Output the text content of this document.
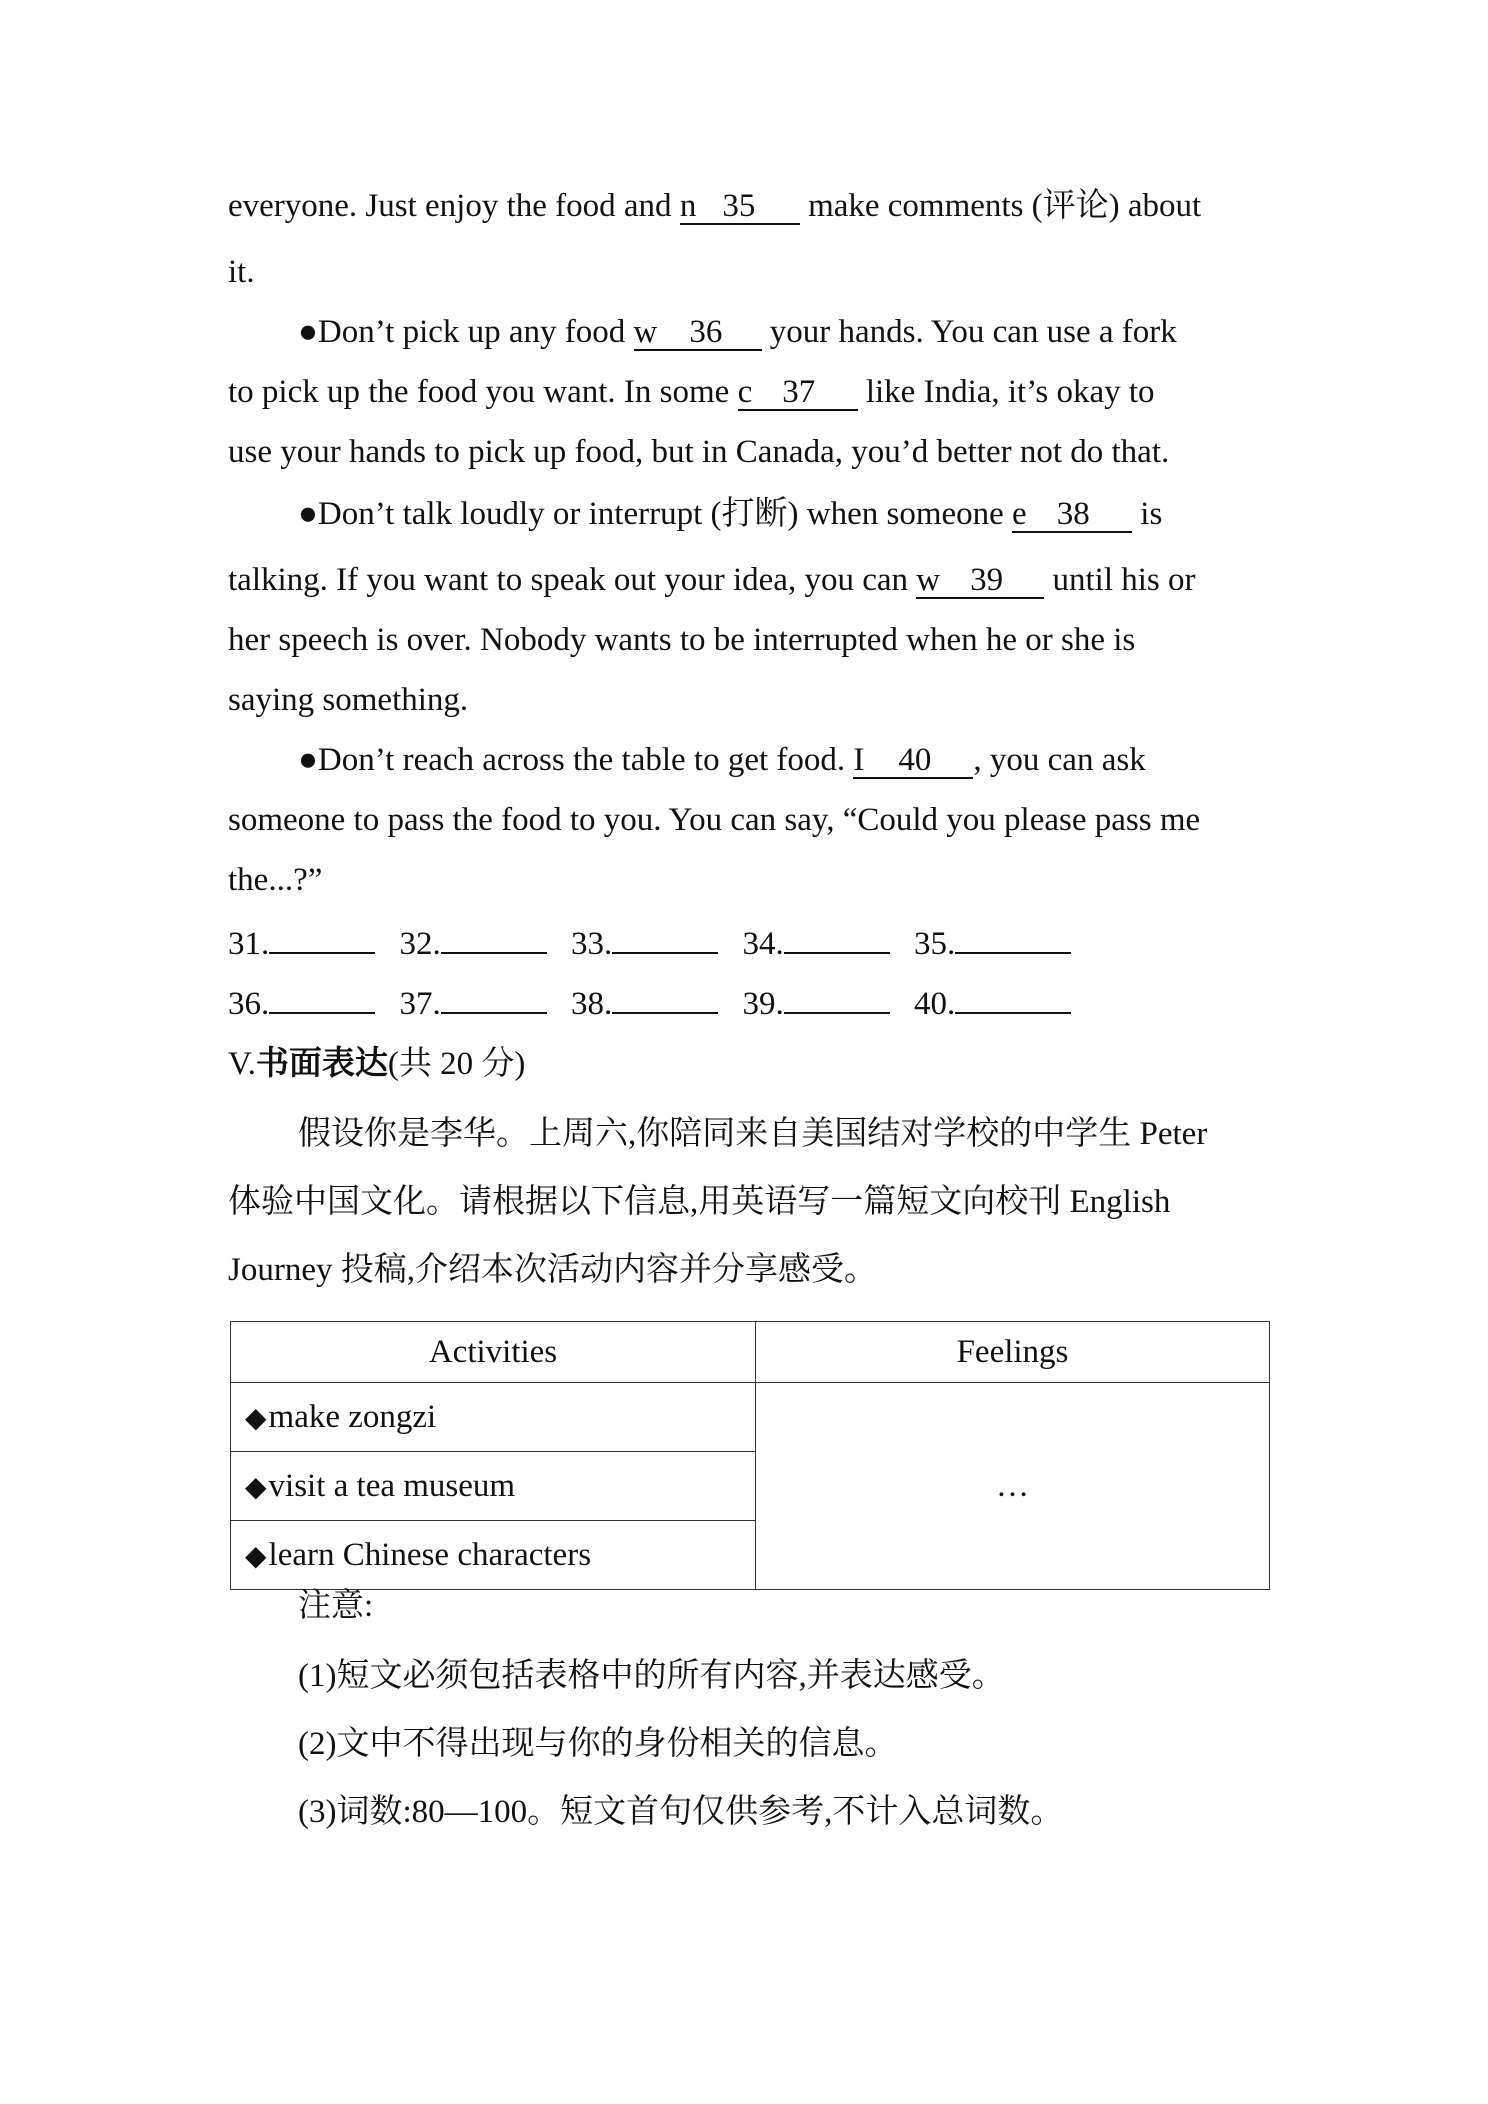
everyone. Just enjoy the food and n 35 make comments (评论) about
it.
●Don’t pick up any food w 36 your hands. You can use a fork
to pick up the food you want. In some c 37 like India, it’s okay to
use your hands to pick up food, but in Canada, you’d better not do that.
●Don’t talk loudly or interrupt (打断) when someone e 38 is
talking. If you want to speak out your idea, you can w 39 until his or
her speech is over. Nobody wants to be interrupted when he or she is
saying something.
●Don’t reach across the table to get food. I 40 , you can ask
someone to pass the food to you. You can say, “Could you please pass me
the...?”
31.	32.	33.	34.	35.
36.	37.	38.	39.	40.
V.书面表达(共 20 分)
假设你是李华。上周六,你陪同来自美国结对学校的中学生 Peter
体验中国文化。请根据以下信息,用英语写一篇短文向校刊 English
Journey 投稿,介绍本次活动内容并分享感受。
Activities	Feelings
◆make zongzi	…
◆visit a tea museum	
◆learn Chinese characters	
注意:
(1)短文必须包括表格中的所有内容,并表达感受。
(2)文中不得出现与你的身份相关的信息。
(3)词数:80—100。短文首句仅供参考,不计入总词数。
